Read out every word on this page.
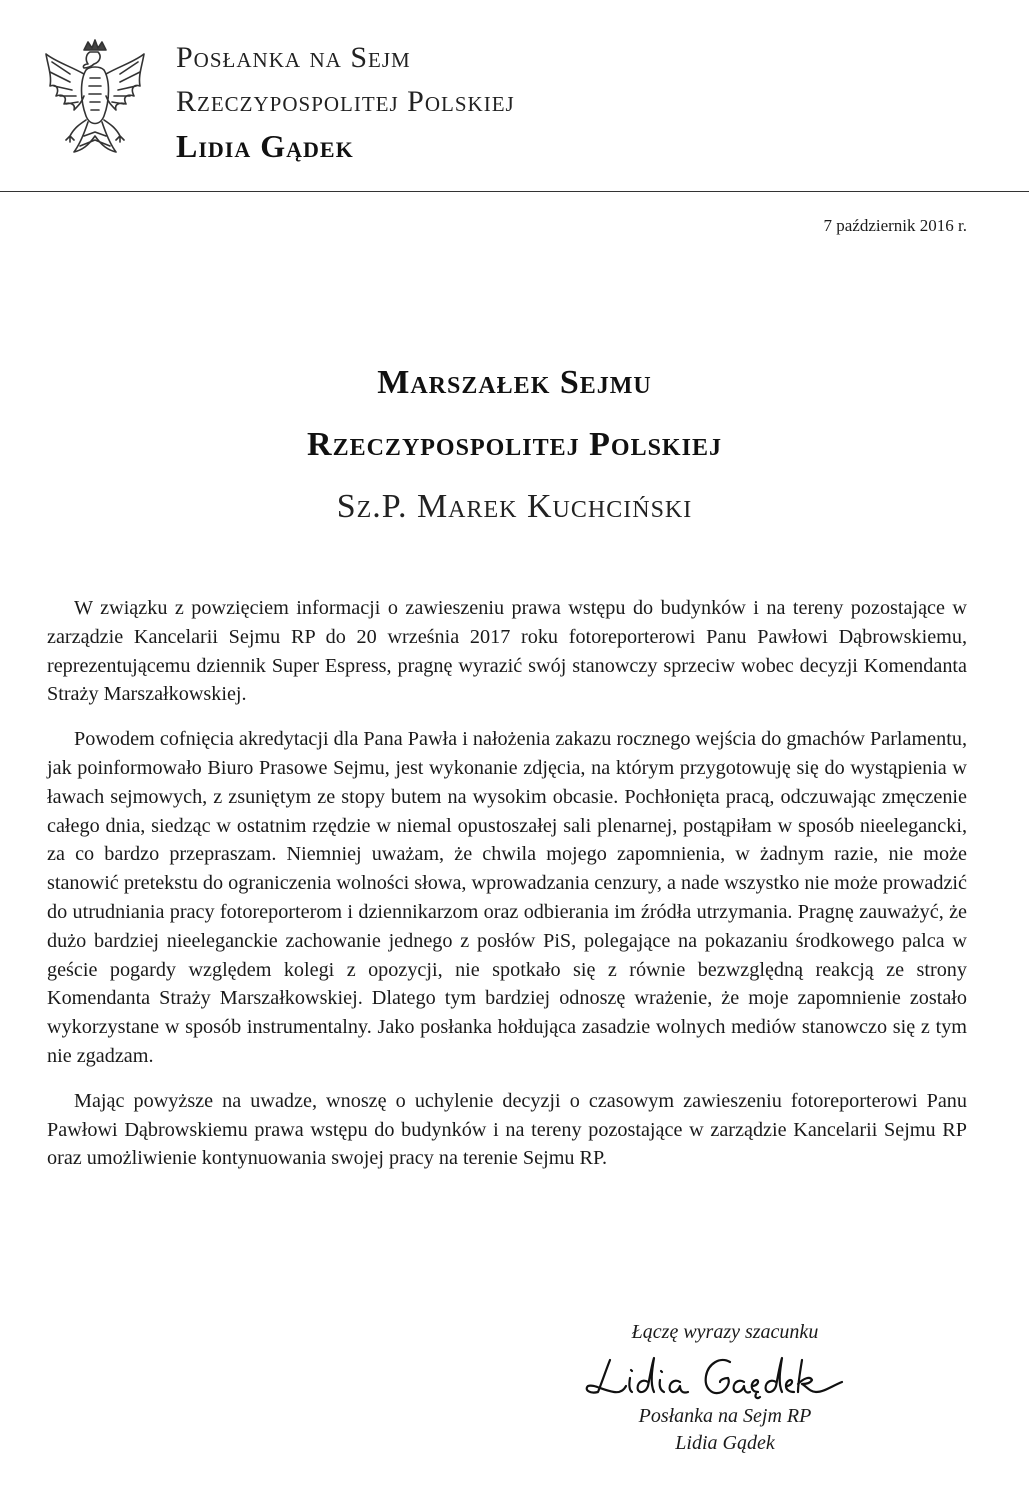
Posłanka na Sejm
Rzeczypospolitej Polskiej
Lidia Gądek
7 październik 2016 r.
Marszałek Sejmu
Rzeczypospolitej Polskiej
Sz.P. Marek Kuchciński

W związku z powzięciem informacji o zawieszeniu prawa wstępu do budynków i na tereny pozostające w zarządzie Kancelarii Sejmu RP do 20 września 2017 roku fotoreporterowi Panu Pawłowi Dąbrowskiemu, reprezentującemu dziennik Super Espress, pragnę wyrazić swój stanowczy sprzeciw wobec decyzji Komendanta Straży Marszałkowskiej.

Powodem cofnięcia akredytacji dla Pana Pawła i nałożenia zakazu rocznego wejścia do gmachów Parlamentu, jak poinformowało Biuro Prasowe Sejmu, jest wykonanie zdjęcia, na którym przygotowuję się do wystąpienia w ławach sejmowych, z zsuniętym ze stopy butem na wysokim obcasie. Pochłonięta pracą, odczuwając zmęczenie całego dnia, siedząc w ostatnim rzędzie w niemal opustoszałej sali plenarnej, postąpiłam w sposób nieelegancki, za co bardzo przepraszam. Niemniej uważam, że chwila mojego zapomnienia, w żadnym razie, nie może stanowić pretekstu do ograniczenia wolności słowa, wprowadzania cenzury, a nade wszystko nie może prowadzić do utrudniania pracy fotoreporterom i dziennikarzom oraz odbierania im źródła utrzymania. Pragnę zauważyć, że dużo bardziej nieeleganckie zachowanie jednego z posłów PiS, polegające na pokazaniu środkowego palca w geście pogardy względem kolegi z opozycji, nie spotkało się z równie bezwzględną reakcją ze strony Komendanta Straży Marszałkowskiej. Dlatego tym bardziej odnoszę wrażenie, że moje zapomnienie zostało wykorzystane w sposób instrumentalny. Jako posłanka hołdująca zasadzie wolnych mediów stanowczo się z tym nie zgadzam.

Mając powyższe na uwadze, wnoszę o uchylenie decyzji o czasowym zawieszeniu fotoreporterowi Panu Pawłowi Dąbrowskiemu prawa wstępu do budynków i na tereny pozostające w zarządzie Kancelarii Sejmu RP oraz umożliwienie kontynuowania swojej pracy na terenie Sejmu RP.

Łączę wyrazy szacunku
Posłanka na Sejm RP
Lidia Gądek
